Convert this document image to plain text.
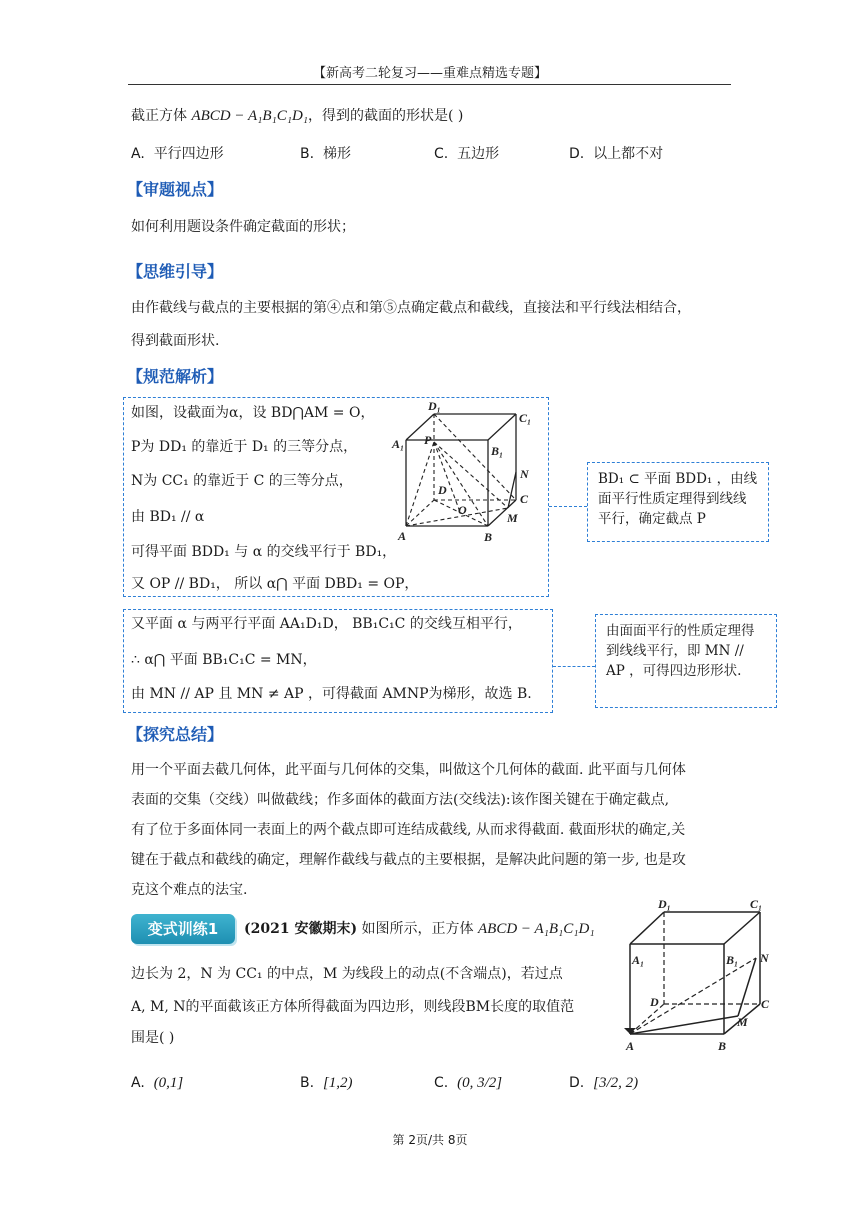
【新高考二轮复习——重难点精选专题】
截正方体 ABCD − A₁B₁C₁D₁，得到的截面的形状是( )
A. 平行四边形	B. 梯形	C. 五边形	D. 以上都不对
【审题视点】
如何利用题设条件确定截面的形状；
【思维引导】
由作截线与截点的主要根据的第④点和第⑤点确定截点和截线，直接法和平行线法相结合，
得到截面形状.
【规范解析】
如图，设截面为α，设 BD⋂AM = O，
P为 DD₁ 的靠近于 D₁ 的三等分点，
N为 CC₁ 的靠近于 C 的三等分点，
由 BD₁ // α
可得平面 BDD₁ 与 α 的交线平行于 BD₁，
又 OP // BD₁， 所以 α⋂ 平面 DBD₁ = OP，
D₁
C₁
A₁	B₁
P
N
D
C
O
M
A	B
BD₁ ⊂ 平面 BDD₁ ，由线面平行性质定理得到线线平行，确定截点 P
又平面 α 与两平行平面 AA₁D₁D， BB₁C₁C 的交线互相平行，
∴ α⋂ 平面 BB₁C₁C = MN，
由 MN // AP 且 MN ≠ AP ，可得截面 AMNP为梯形，故选 B.
由面面平行的性质定理得到线线平行，即 MN // AP ，可得四边形形状.
【探究总结】
用一个平面去截几何体，此平面与几何体的交集，叫做这个几何体的截面. 此平面与几何体
表面的交集（交线）叫做截线；作多面体的截面方法(交线法):该作图关键在于确定截点,
有了位于多面体同一表面上的两个截点即可连结成截线, 从而求得截面. 截面形状的确定,关
键在于截点和截线的确定，理解作截线与截点的主要根据，是解决此问题的第一步, 也是攻
克这个难点的法宝.
变式训练1	(2021 安徽期末) 如图所示，正方体 ABCD − A₁B₁C₁D₁
边长为 2，N 为 CC₁ 的中点，M 为线段上的动点(不含端点)，若过点
A, M, N的平面截该正方体所得截面为四边形，则线段BM长度的取值范
围是( )
D₁	C₁
A₁	B₁ N
D	C
M
A	B
A. (0,1]	B. [1,2)	C. (0, 3/2]	D. [3/2, 2)
第 2页/共 8页
